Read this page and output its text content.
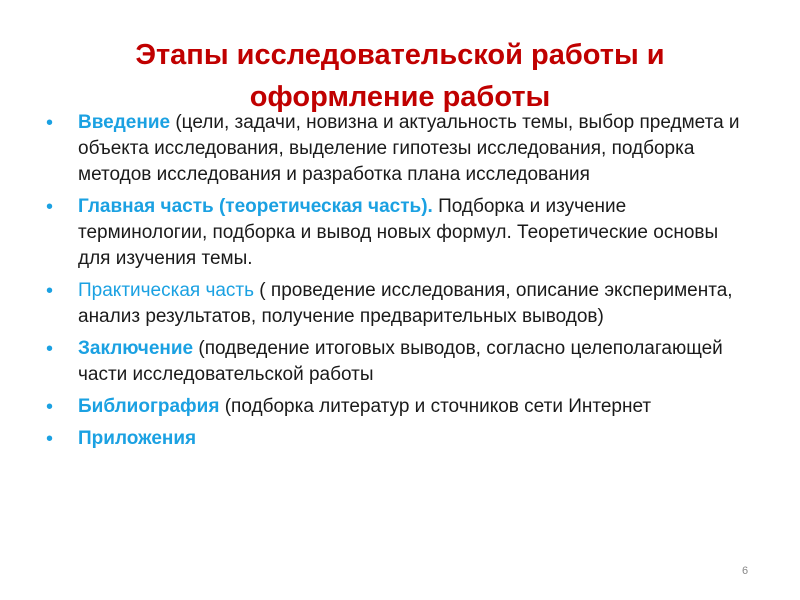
Этапы исследовательской работы и оформление работы
• Введение (цели, задачи, новизна и актуальность темы, выбор предмета и объекта исследования, выделение гипотезы исследования, подборка методов исследования и разработка плана исследования
• Главная часть (теоретическая часть). Подборка и изучение терминологии, подборка и вывод новых формул. Теоретические основы для изучения темы.
• Практическая часть ( проведение исследования, описание эксперимента, анализ результатов, получение предварительных выводов)
• Заключение (подведение итоговых выводов, согласно целеполагающей части исследовательской работы
• Библиография (подборка литератур и сточников сети Интернет
• Приложения
6
